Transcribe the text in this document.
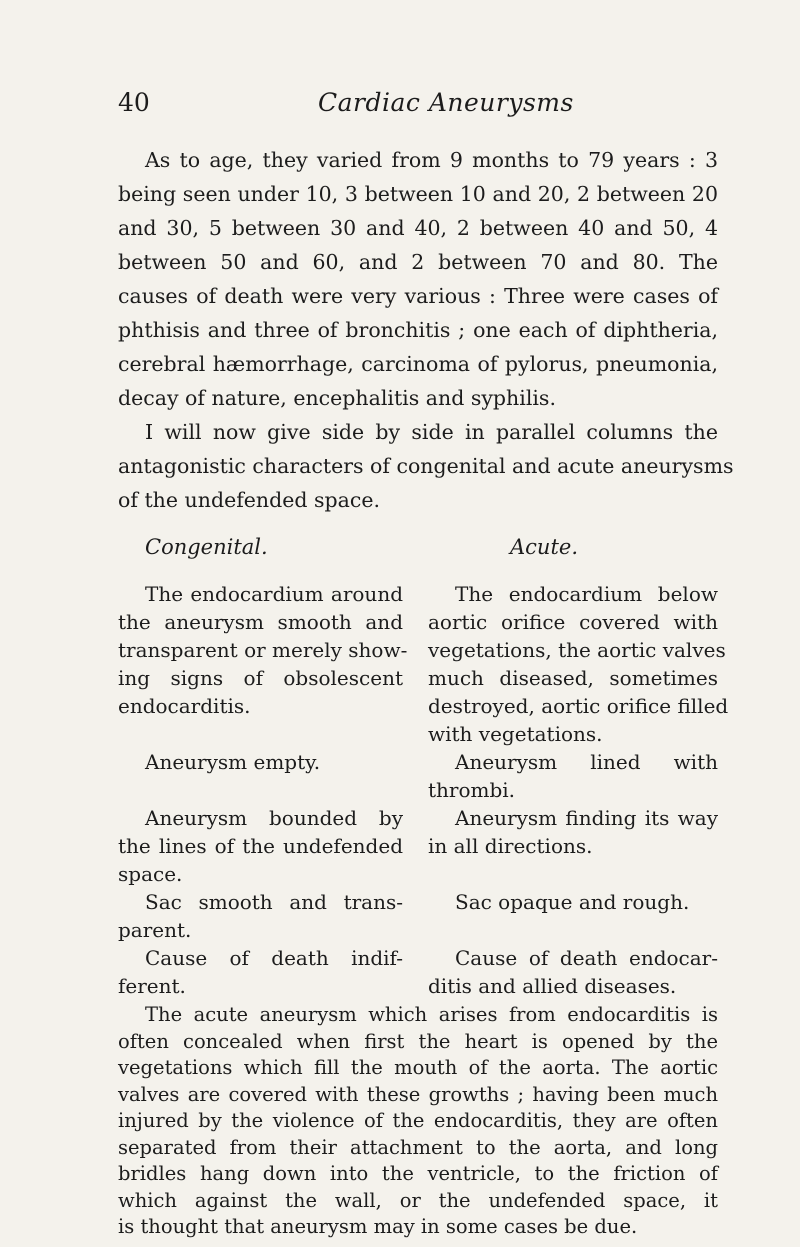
40	Cardiac Aneurysms
As to age, they varied from 9 months to 79 years : 3
being seen under 10, 3 between 10 and 20, 2 between 20
and 30, 5 between 30 and 40, 2 between 40 and 50, 4
between 50 and 60, and 2 between 70 and 80. The
causes of death were very various : Three were cases of
phthisis and three of bronchitis ; one each of diphtheria,
cerebral hæmorrhage, carcinoma of pylorus, pneumonia,
decay of nature, encephalitis and syphilis.
I will now give side by side in parallel columns the
antagonistic characters of congenital and acute aneurysms
of the undefended space.
Congenital.	Acute.
The endocardium around
the aneurysm smooth and
transparent or merely show-
ing signs of obsolescent
endocarditis.
Aneurysm empty.
Aneurysm bounded by
the lines of the undefended
space.
Sac smooth and trans-
parent.
Cause of death indif-
ferent.
The endocardium below
aortic orifice covered with
vegetations, the aortic valves
much diseased, sometimes
destroyed, aortic orifice filled
with vegetations.
Aneurysm lined with
thrombi.
Aneurysm finding its way
in all directions.
Sac opaque and rough.
Cause of death endocar-
ditis and allied diseases.
The acute aneurysm which arises from endocarditis is
often concealed when first the heart is opened by the
vegetations which fill the mouth of the aorta. The aortic
valves are covered with these growths ; having been much
injured by the violence of the endocarditis, they are often
separated from their attachment to the aorta, and long
bridles hang down into the ventricle, to the friction of
which against the wall, or the undefended space, it
is thought that aneurysm may in some cases be due.
